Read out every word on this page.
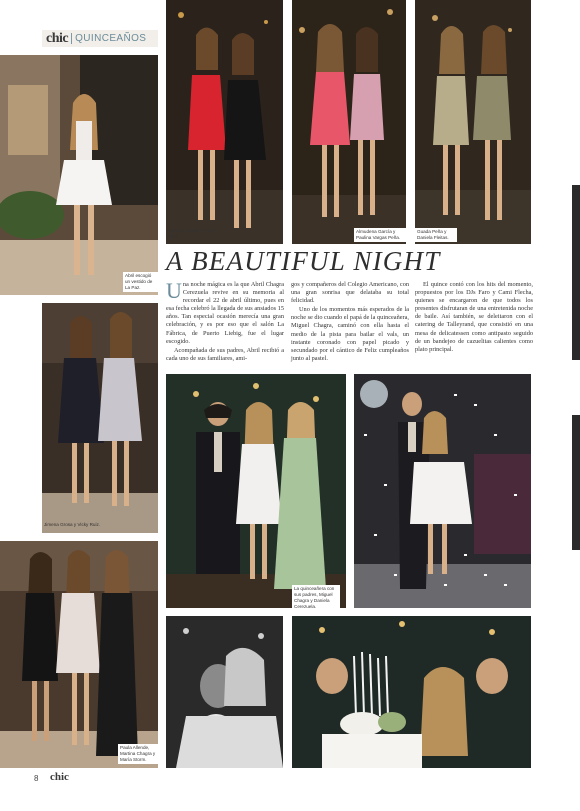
chic QUINCEAÑOS
Abril escogió un vestido de La Paz.
Eugenia Castillo y Pilar Ricci.
Almudena García y Paulina Vargas Peña.
Guada Peña y Daniela Fleitas.
A BEAUTIFUL NIGHT
U na noche mágica es la que Abril Chagra Cerezuela revive en su memoria al recordar el 22 de abril último, pues en esa fecha celebró la llegada de sus ansiados 15 años. Tan especial ocasión merecía una gran celebración, y es por eso que el salón La Fábrica, de Puerto Liebig, fue el lugar escogido.

Acompañada de sus padres, Abril recibió a cada uno de sus familiares, ami-

gos y compañeros del Colegio Americano, con una gran sonrisa que delataba su total felicidad.

Uno de los momentos más esperados de la noche se dio cuando el papá de la quinceañera, Miguel Chagra, caminó con ella hasta el medio de la pista para bailar el vals, un instante coronado con papel picado y secundado por el cántico de Feliz cumpleaños junto al pastel.

El quince contó con los hits del momento, propuestos por los DJs Faro y Cami Flecha, quienes se encargaron de que todos los presentes disfrutaran de una entretenida noche de baile. Así también, se deleitaron con el catering de Talleyrand, que consistió en una mesa de delicatessen como antipasto seguido de un bandejeo de cazuelitas calientes como plato principal.

Jimena Grosa y Vicky Ruiz.
La quinceañera con sus padres, Miguel Chagra y Daniela Cerezuela.
Paula Allende, Martina Chagra y María Storm.
8 chic
